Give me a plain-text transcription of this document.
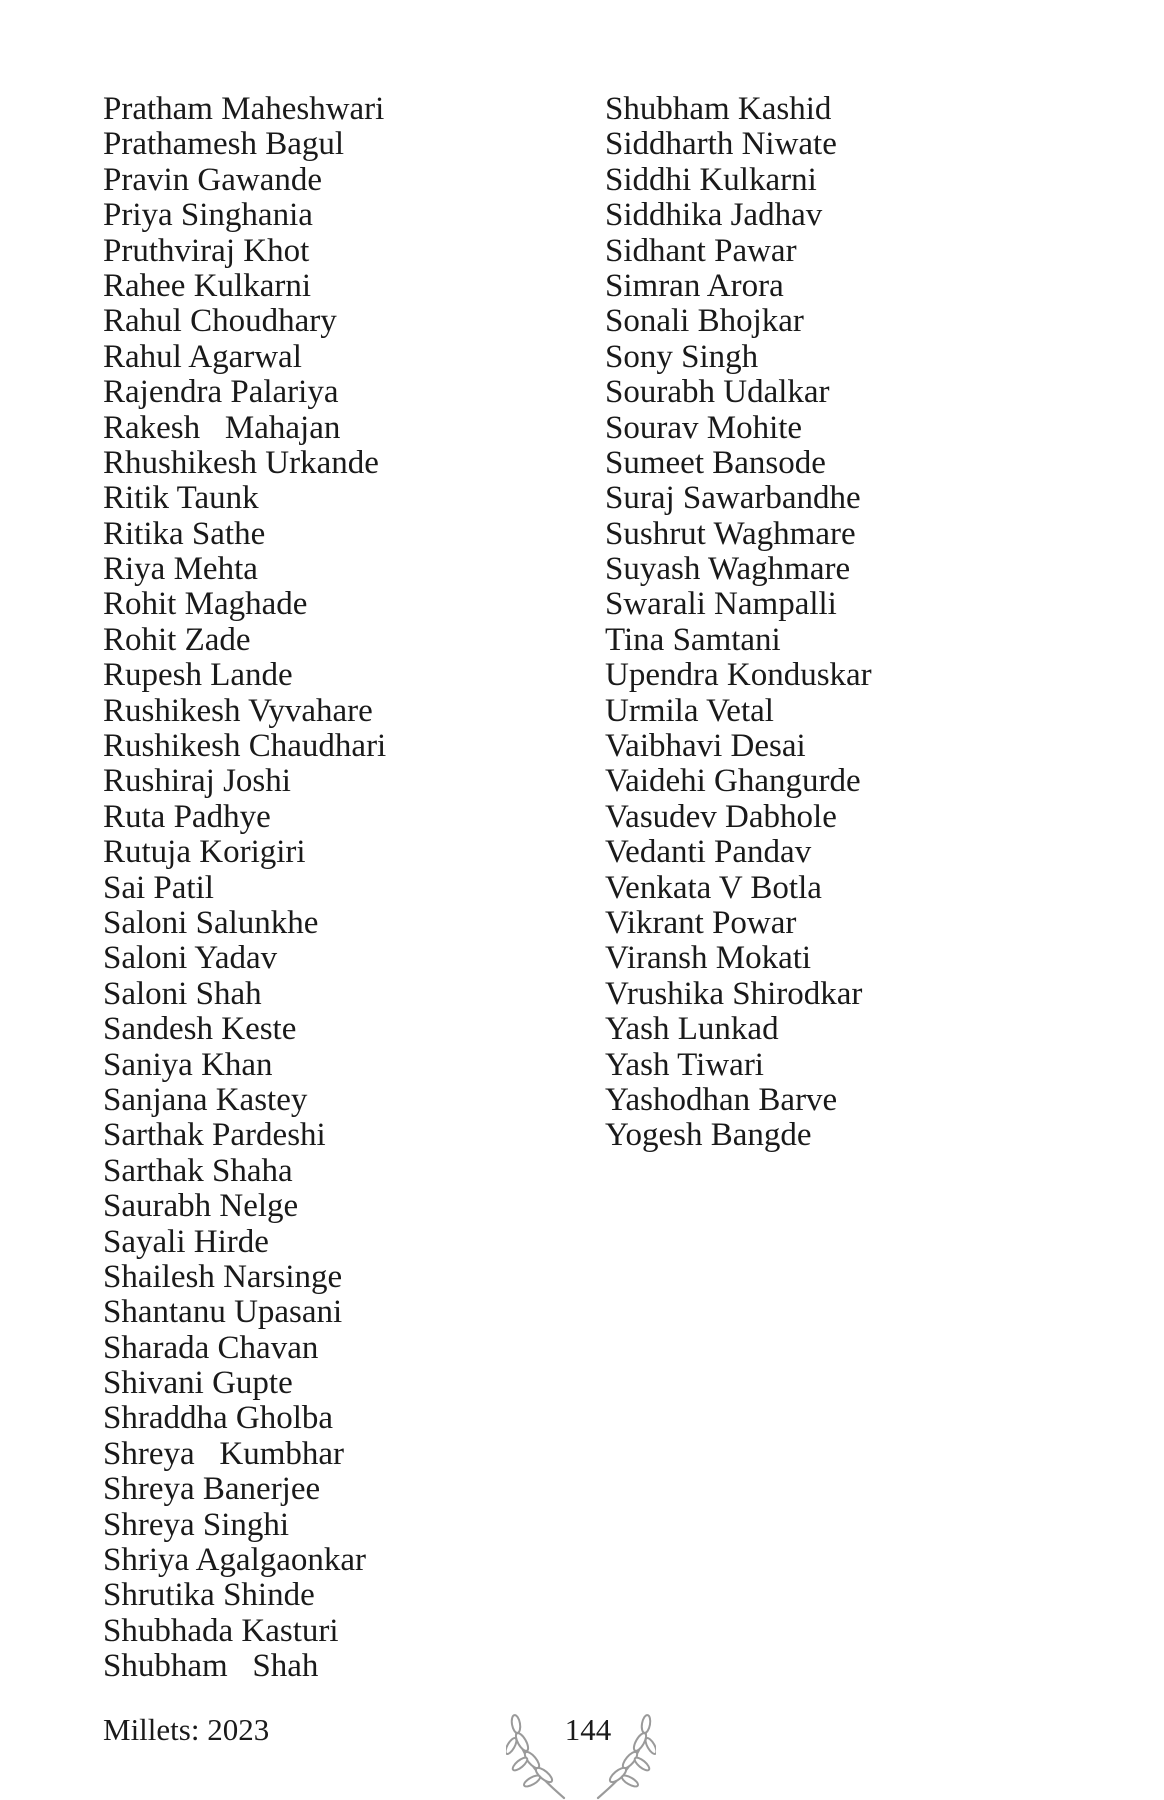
Pratham Maheshwari
Prathamesh Bagul
Pravin Gawande
Priya Singhania
Pruthviraj Khot
Rahee Kulkarni
Rahul Choudhary
Rahul Agarwal
Rajendra Palariya
Rakesh   Mahajan
Rhushikesh Urkande
Ritik Taunk
Ritika Sathe
Riya Mehta
Rohit Maghade
Rohit Zade
Rupesh Lande
Rushikesh Vyvahare
Rushikesh Chaudhari
Rushiraj Joshi
Ruta Padhye
Rutuja Korigiri
Sai Patil
Saloni Salunkhe
Saloni Yadav
Saloni Shah
Sandesh Keste
Saniya Khan
Sanjana Kastey
Sarthak Pardeshi
Sarthak Shaha
Saurabh Nelge
Sayali Hirde
Shailesh Narsinge
Shantanu Upasani
Sharada Chavan
Shivani Gupte
Shraddha Gholba
Shreya   Kumbhar
Shreya Banerjee
Shreya Singhi
Shriya Agalgaonkar
Shrutika Shinde
Shubhada Kasturi
Shubham   Shah
Shubham Kashid
Siddharth Niwate
Siddhi Kulkarni
Siddhika Jadhav
Sidhant Pawar
Simran Arora
Sonali Bhojkar
Sony Singh
Sourabh Udalkar
Sourav Mohite
Sumeet Bansode
Suraj Sawarbandhe
Sushrut Waghmare
Suyash Waghmare
Swarali Nampalli
Tina Samtani
Upendra Konduskar
Urmila Vetal
Vaibhavi Desai
Vaidehi Ghangurde
Vasudev Dabhole
Vedanti Pandav
Venkata V Botla
Vikrant Powar
Viransh Mokati
Vrushika Shirodkar
Yash Lunkad
Yash Tiwari
Yashodhan Barve
Yogesh Bangde
Millets: 2023	144
